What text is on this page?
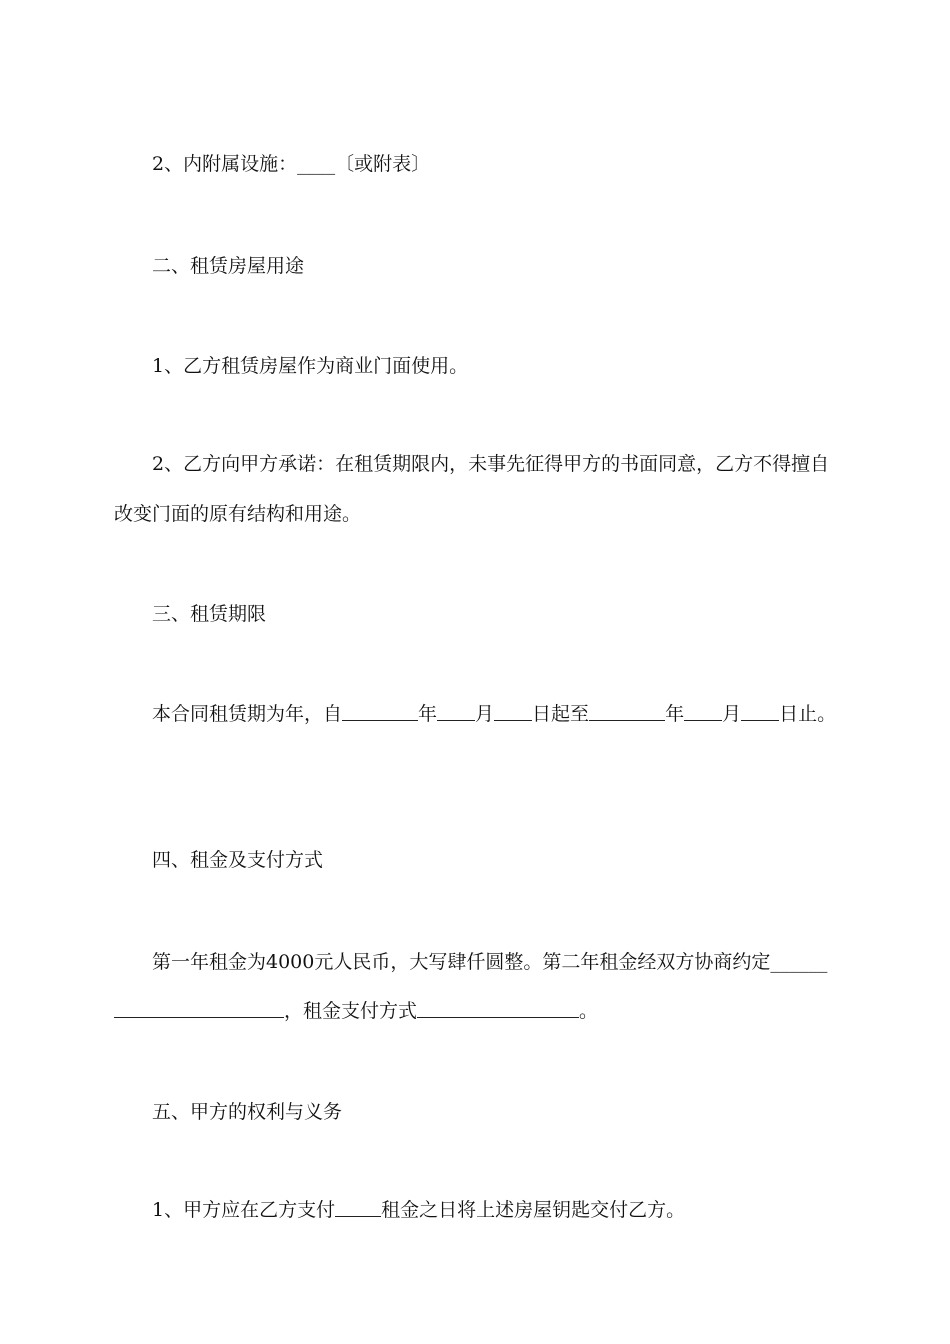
2、内附属设施：____〔或附表〕
二、租赁房屋用途
1、乙方租赁房屋作为商业门面使用。
2、乙方向甲方承诺：在租赁期限内，未事先征得甲方的书面同意，乙方不得擅自
改变门面的原有结构和用途。
三、租赁期限
本合同租赁期为年，自	年 月 日起至	年 月 日止。
四、租金及支付方式
第一年租金为4000元人民币，大写肆仟圆整。第二年租金经双方协商约定______
，租金支付方式	。
五、甲方的权利与义务
1、甲方应在乙方支付 租金之日将上述房屋钥匙交付乙方。
